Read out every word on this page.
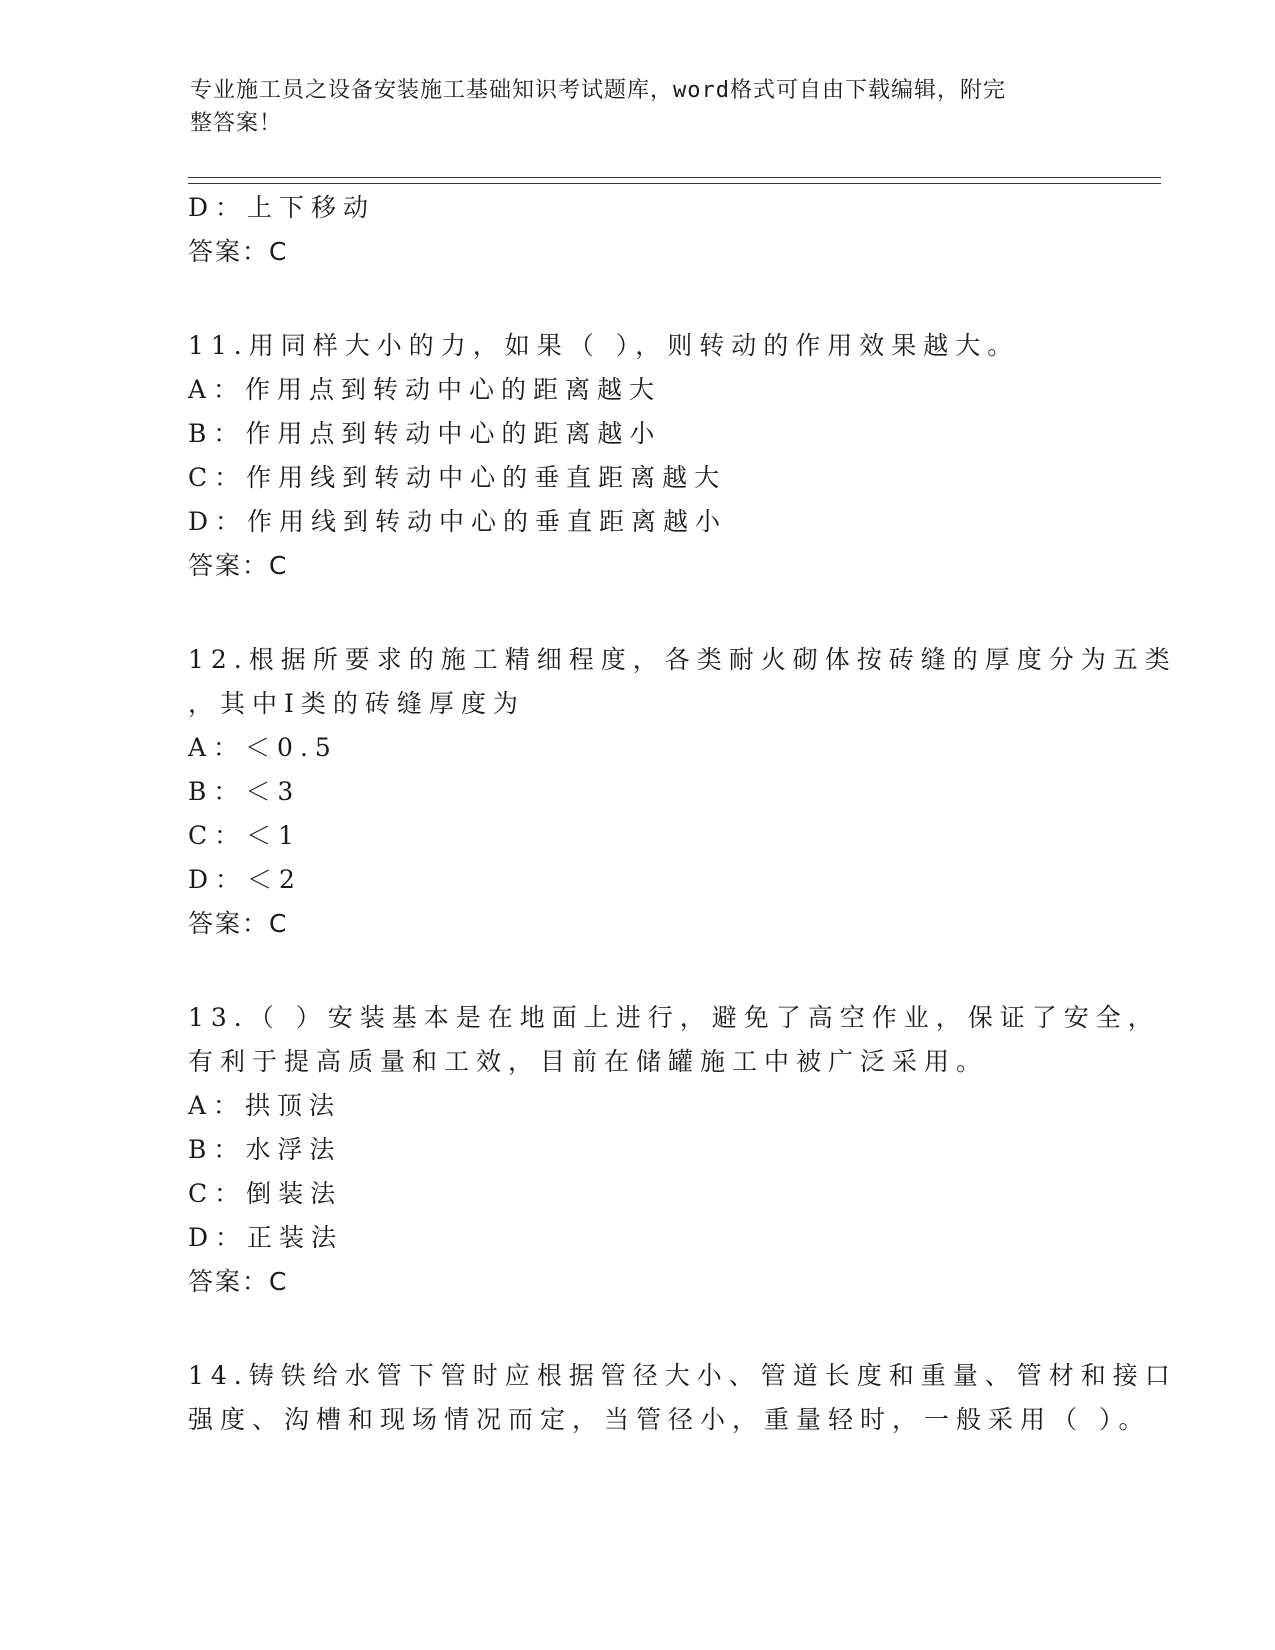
专业施工员之设备安装施工基础知识考试题库，word格式可自由下载编辑，附完
整答案！
D：上下移动
答案：C
11.用同样大小的力，如果（ ），则转动的作用效果越大。
A：作用点到转动中心的距离越大
B：作用点到转动中心的距离越小
C：作用线到转动中心的垂直距离越大
D：作用线到转动中心的垂直距离越小
答案：C
12.根据所要求的施工精细程度，各类耐火砌体按砖缝的厚度分为五类
，其中Ⅰ类的砖缝厚度为
A：＜0.5
B：＜3
C：＜1
D：＜2
答案：C
13.（ ）安装基本是在地面上进行，避免了高空作业，保证了安全，
有利于提高质量和工效，目前在储罐施工中被广泛采用。
A：拱顶法
B：水浮法
C：倒装法
D：正装法
答案：C
14.铸铁给水管下管时应根据管径大小、管道长度和重量、管材和接口
强度、沟槽和现场情况而定，当管径小，重量轻时，一般采用（ ）。
